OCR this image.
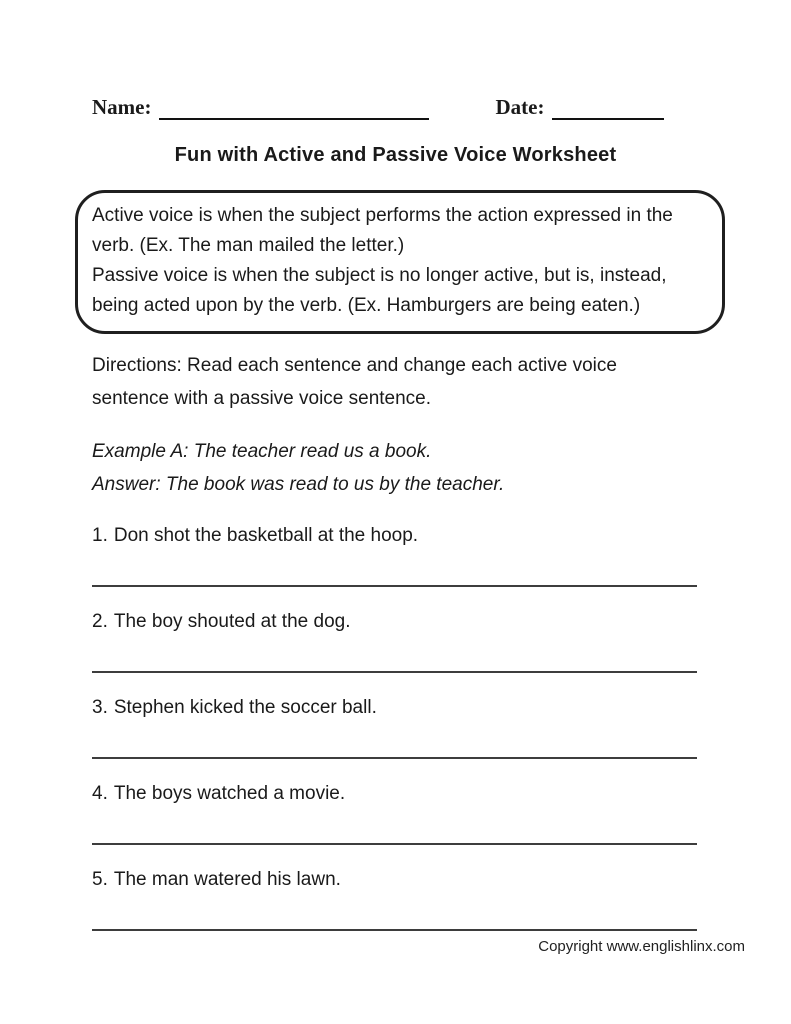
Name:	Date:
Fun with Active and Passive Voice Worksheet
Active voice is when the subject performs the action expressed in the verb. (Ex. The man mailed the letter.)
Passive voice is when the subject is no longer active, but is, instead, being acted upon by the verb. (Ex. Hamburgers are being eaten.)
Directions: Read each sentence and change each active voice sentence with a passive voice sentence.
Example A: The teacher read us a book.
Answer: The book was read to us by the teacher.
1. Don shot the basketball at the hoop.
2. The boy shouted at the dog.
3. Stephen kicked the soccer ball.
4. The boys watched a movie.
5. The man watered his lawn.
Copyright www.englishlinx.com
